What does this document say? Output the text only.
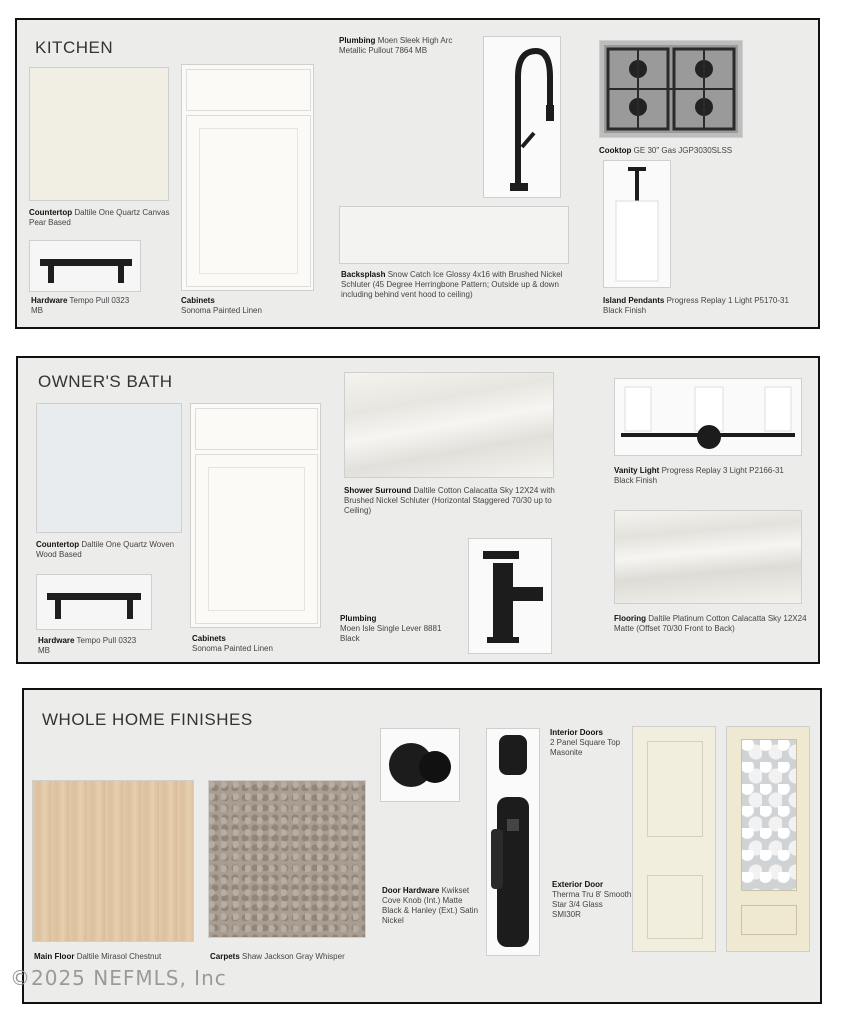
KITCHEN
Countertop Daltile One Quartz Canvas Pear Based
Hardware Tempo Pull 0323 MB
Cabinets
Sonoma Painted Linen
Plumbing Moen Sleek High Arc Metallic Pullout 7864 MB
Cooktop GE 30" Gas JGP3030SLSS
Backsplash Snow Catch Ice Glossy 4x16 with Brushed Nickel Schluter (45 Degree Herringbone Pattern; Outside up & down including behind vent hood to ceiling)
Island Pendants Progress Replay 1 Light P5170-31 Black Finish
OWNER'S BATH
Countertop Daltile One Quartz Woven Wood Based
Hardware Tempo Pull 0323 MB
Cabinets
Sonoma Painted Linen
Shower Surround Daltile Cotton Calacatta Sky 12X24 with Brushed Nickel Schluter (Horizontal Staggered 70/30 up to Ceiling)
Plumbing
Moen Isle Single Lever 8881 Black
Vanity Light Progress Replay 3 Light P2166-31 Black Finish
Flooring Daltile Platinum Cotton Calacatta Sky 12X24 Matte (Offset 70/30 Front to Back)
WHOLE HOME FINISHES
Main Floor Daltile Mirasol Chestnut	Carpets Shaw Jackson Gray Whisper
Door Hardware Kwikset Cove Knob (Int.) Matte Black & Hanley (Ext.) Satin Nickel
Interior Doors
2 Panel Square Top Masonite
Exterior Door
Therma Tru 8' Smooth Star 3/4 Glass SMI30R
©2025 NEFMLS, Inc
